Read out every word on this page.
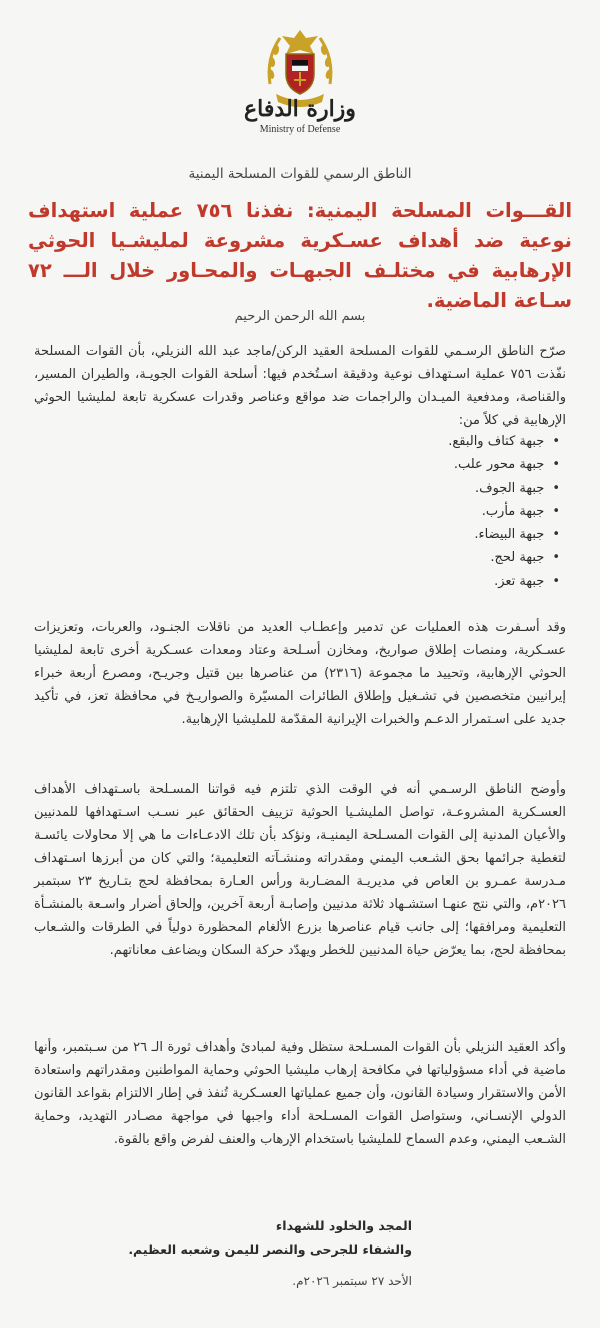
وزارة الدفاع
Ministry of Defense
الناطق الرسمي للقوات المسلحة اليمنية
القـــوات المسلحة اليمنية: نفذنا ٧٥٦ عملية استهداف نوعية ضد أهداف عسـكرية مشروعة لمليشـيا الحوثي الإرهابية في مختلـف الجبهـات والمحـاور خلال الـــ ٧٢ سـاعة الماضية.
بسم الله الرحمن الرحيم
صرّح الناطق الرسـمي للقوات المسلحة العقيد الركن/ماجد عبد الله النزيلي، بأن القوات المسلحة نفّذت ٧٥٦ عملية اسـتهداف نوعية ودقيقة اسـتُخدم فيها: أسلحة القوات الجويـة، والطيران المسير، والقناصة، ومدفعية الميـدان والراجمات ضد مواقع وعناصر وقدرات عسكرية تابعة لمليشيا الحوثي الإرهابية في كلاً من:
• جبهة كتاف والبقع.
• جبهة محور علب.
• جبهة الجوف.
• جبهة مأرب.
• جبهة البيضاء.
• جبهة لحج.
• جبهة تعز.
وقد أسـفرت هذه العمليات عن تدمير وإعطـاب العديد من ناقلات الجنـود، والعربات، وتعزيزات عسـكرية، ومنصات إطلاق صواريخ، ومخازن أسـلحة وعتاد ومعدات عسـكرية أخرى تابعة لمليشيا الحوثي الإرهابية، وتحييد ما مجموعة (٢٣١٦) من عناصرها بين قتيل وجريـح، ومصرع أربعة خبراء إيرانيين متخصصين في تشـغيل وإطلاق الطائرات المسيّرة والصواريـخ في محافظة تعز، في تأكيد جديد على اسـتمرار الدعـم والخبرات الإيرانية المقدّمة للمليشيا الإرهابية.
وأوضح الناطق الرسـمي أنه في الوقت الذي تلتزم فيه قواتنا المسـلحة باسـتهداف الأهداف العسـكرية المشروعـة، تواصل المليشـيا الحوثية تزييف الحقائق عبر نسـب اسـتهدافها للمدنيين والأعيان المدنية إلى القوات المسـلحة اليمنيـة، ونؤكد بأن تلك الادعـاءات ما هي إلا محاولات يائسـة لتغطية جرائمها بحق الشـعب اليمني ومقدراته ومنشـآته التعليمية؛ والتي كان من أبرزها اسـتهداف مـدرسة عمـرو بن العاص في مديريـة المضـاربة ورأس العـارة بمحافظة لحج بتـاريخ ٢٣ سبتمبر ٢٠٢٦م، والتي نتج عنهـا استشـهاد ثلاثة مدنيين وإصابـة أربعة آخرين، وإلحاق أضرار واسـعة بالمنشـأة التعليمية ومرافقها؛ إلى جانب قيام عناصرها بزرع الألغام المحظورة دولياً في الطرقات والشـعاب بمحافظة لحج، بما يعرّض حياة المدنيين للخطر ويهدّد حركة السكان ويضاعف معاناتهم.
وأكد العقيد النزيلي بأن القوات المسـلحة ستظل وفية لمبادئ وأهداف ثورة الـ ٢٦ من سـبتمبر، وأنها ماضية في أداء مسؤولياتها في مكافحة إرهاب مليشيا الحوثي وحماية المواطنين ومقدراتهم واستعادة الأمن والاستقرار وسيادة القانون، وأن جميع عملياتها العسـكرية تُنفذ في إطار الالتزام بقواعد القانون الدولي الإنسـاني، وستواصل القوات المسـلحة أداء واجبها في مواجهة مصـادر التهديد، وحماية الشـعب اليمني، وعدم السماح للمليشيا باستخدام الإرهاب والعنف لفرض واقع بالقوة.
المجد والخلود للشهداء
والشفاء للجرحى والنصر لليمن وشعبه العظيم.
الأحد ٢٧ سبتمبر ٢٠٢٦م.
